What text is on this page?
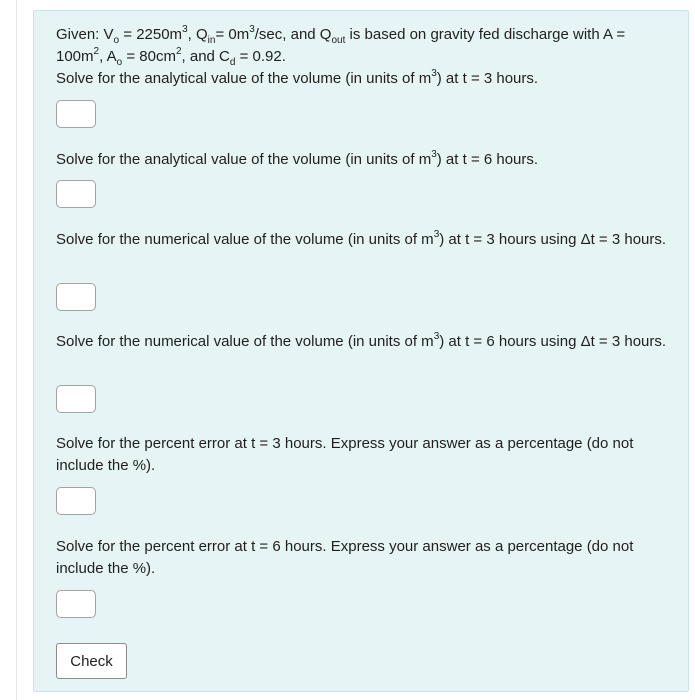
Given: $V_o = 2250m^3$, $Q_{in}= 0m^3/\sec$, and $Q_{out}$ is based on gravity fed discharge with $A = 100m^2$, $A_o = 80cm^2$, and $C_d = 0.92$.

Solve for the analytical value of the volume (in units of $m^3$) at t = 3 hours.

Solve for the analytical value of the volume (in units of $m^3$) at t = 6 hours.

Solve for the numerical value of the volume (in units of $m^3$) at t = 3 hours using Δt = 3 hours.

Solve for the numerical value of the volume (in units of $m^3$) at t = 6 hours using Δt = 3 hours.

Solve for the percent error at t = 3 hours. Express your answer as a percentage (do not include the %).

Solve for the percent error at t = 6 hours. Express your answer as a percentage (do not include the %).

Check
